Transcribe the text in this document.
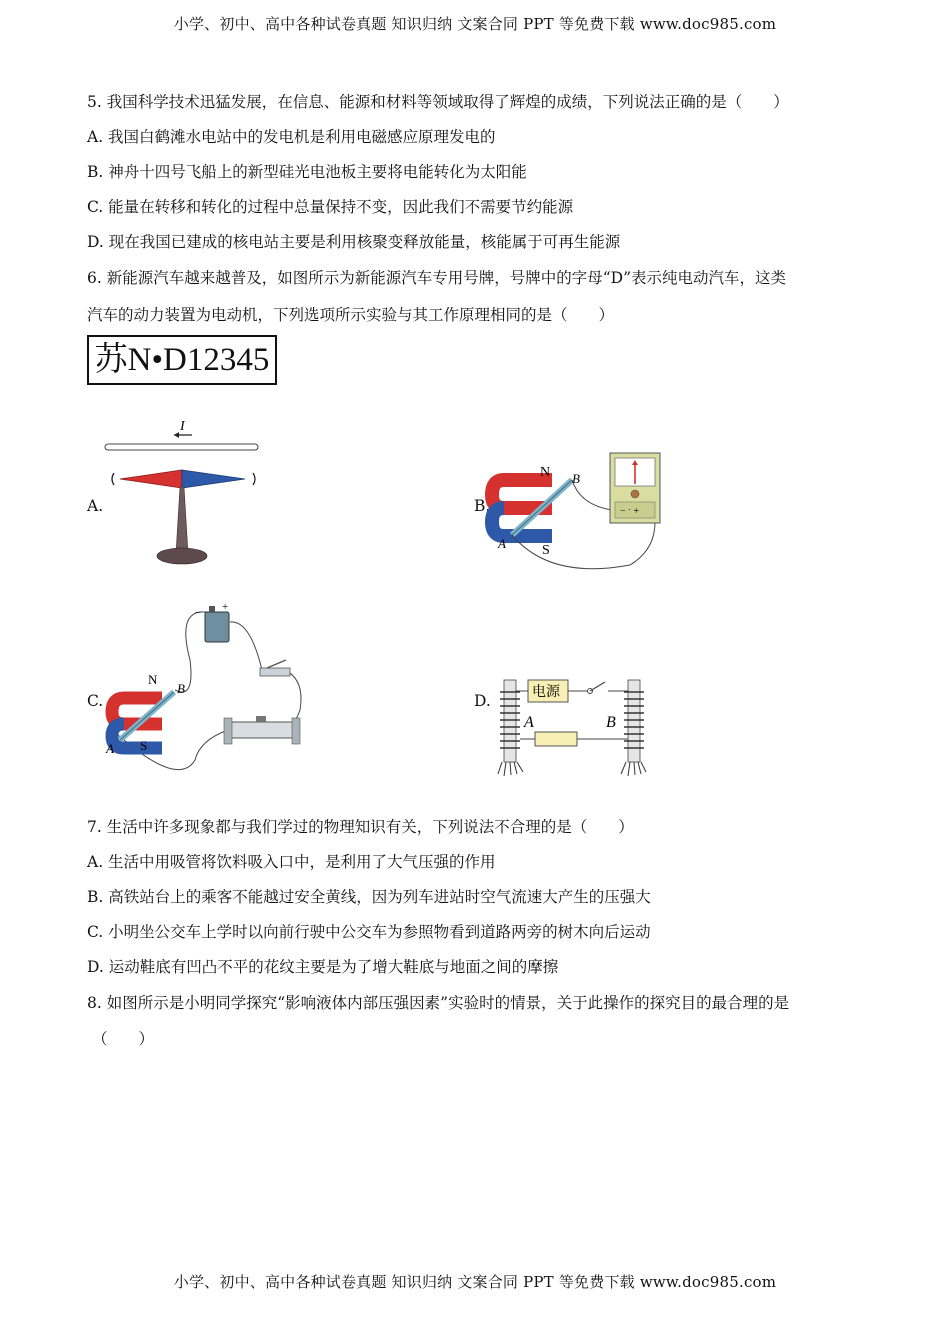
小学、初中、高中各种试卷真题 知识归纳 文案合同 PPT 等免费下载 www.doc985.com
5. 我国科学技术迅猛发展，在信息、能源和材料等领域取得了辉煌的成绩，下列说法正确的是（　　）
A. 我国白鹤滩水电站中的发电机是利用电磁感应原理发电的
B. 神舟十四号飞船上的新型硅光电池板主要将电能转化为太阳能
C. 能量在转移和转化的过程中总量保持不变，因此我们不需要节约能源
D. 现在我国已建成的核电站主要是利用核聚变释放能量，核能属于可再生能源
6. 新能源汽车越来越普及，如图所示为新能源汽车专用号牌，号牌中的字母“D”表示纯电动汽车，这类
汽车的动力装置为电动机，下列选项所示实验与其工作原理相同的是（　　）
苏N•D12345
A.	B.
C.	D.
I
N
S
A
B
− ˑ +
− +
N
S
A
B	电源
A	B
7. 生活中许多现象都与我们学过的物理知识有关，下列说法不合理的是（　　）
A. 生活中用吸管将饮料吸入口中，是利用了大气压强的作用
B. 高铁站台上的乘客不能越过安全黄线，因为列车进站时空气流速大产生的压强大
C. 小明坐公交车上学时以向前行驶中公交车为参照物看到道路两旁的树木向后运动
D. 运动鞋底有凹凸不平的花纹主要是为了增大鞋底与地面之间的摩擦
8. 如图所示是小明同学探究“影响液体内部压强因素”实验时的情景，关于此操作的探究目的最合理的是
（　　）
小学、初中、高中各种试卷真题 知识归纳 文案合同 PPT 等免费下载 www.doc985.com
